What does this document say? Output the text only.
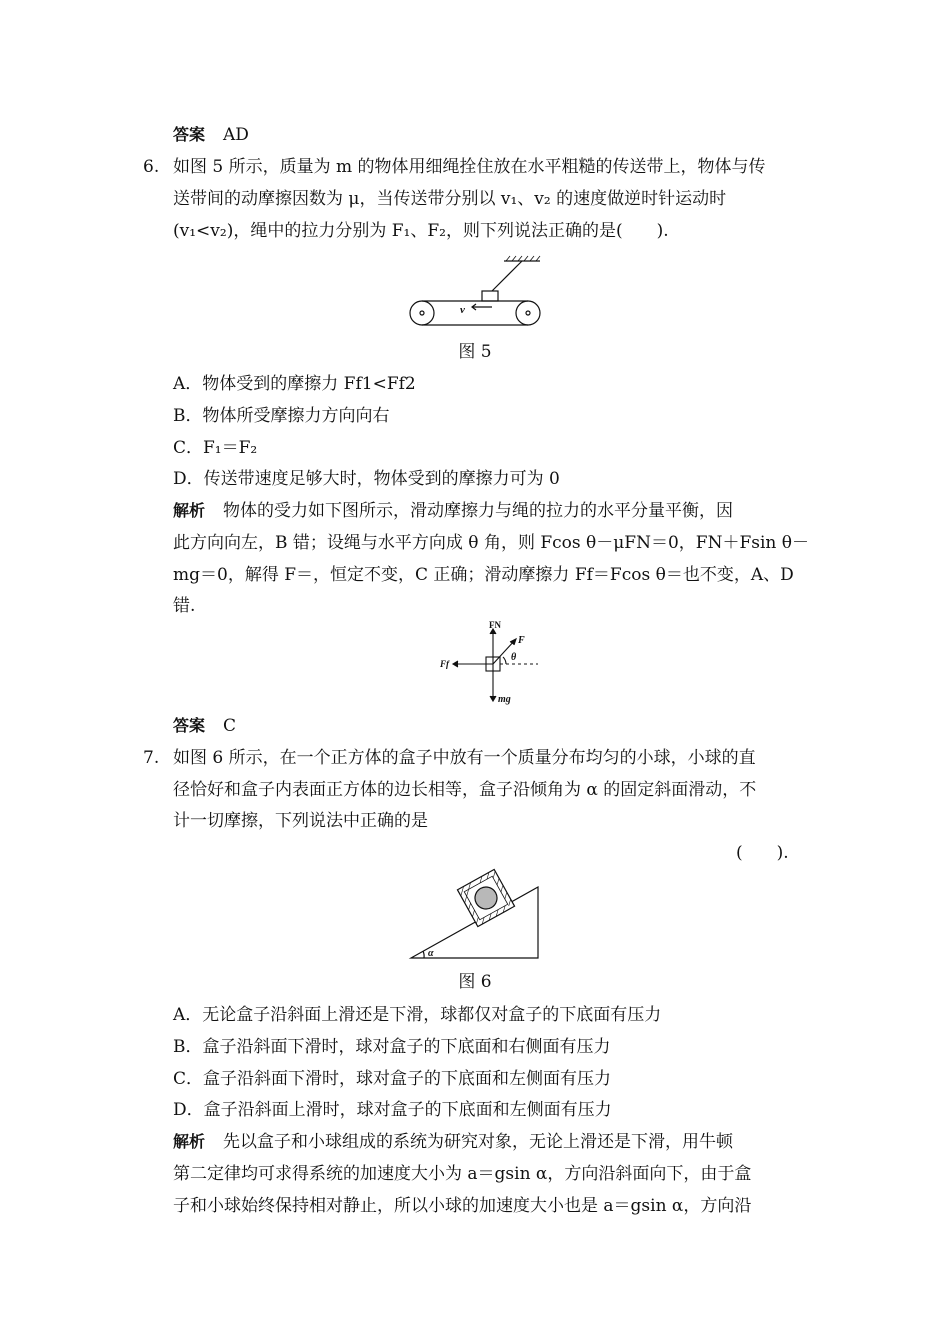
答案 AD
6. 如图 5 所示，质量为 m 的物体用细绳拴住放在水平粗糙的传送带上，物体与传
送带间的动摩擦因数为 μ，当传送带分别以 v₁、v₂ 的速度做逆时针运动时
(v₁<v₂)，绳中的拉力分别为 F₁、F₂，则下列说法正确的是(　　).
v
图 5
A．物体受到的摩擦力 Ff1<Ff2
B．物体所受摩擦力方向向右
C．F₁＝F₂
D．传送带速度足够大时，物体受到的摩擦力可为 0
解析 物体的受力如下图所示，滑动摩擦力与绳的拉力的水平分量平衡，因
此方向向左，B 错；设绳与水平方向成 θ 角，则 Fcos θ－μFN＝0，FN＋Fsin θ－
mg＝0，解得 F＝，恒定不变，C 正确；滑动摩擦力 Ff＝Fcos θ＝也不变，A、D
错.
FN
F
θ
Ff
mg
答案 C
7. 如图 6 所示，在一个正方体的盒子中放有一个质量分布均匀的小球，小球的直
径恰好和盒子内表面正方体的边长相等，盒子沿倾角为 α 的固定斜面滑动，不
计一切摩擦，下列说法中正确的是
(　　).
α
图 6
A．无论盒子沿斜面上滑还是下滑，球都仅对盒子的下底面有压力
B．盒子沿斜面下滑时，球对盒子的下底面和右侧面有压力
C．盒子沿斜面下滑时，球对盒子的下底面和左侧面有压力
D．盒子沿斜面上滑时，球对盒子的下底面和左侧面有压力
解析 先以盒子和小球组成的系统为研究对象，无论上滑还是下滑，用牛顿
第二定律均可求得系统的加速度大小为 a＝gsin α，方向沿斜面向下，由于盒
子和小球始终保持相对静止，所以小球的加速度大小也是 a＝gsin α，方向沿
